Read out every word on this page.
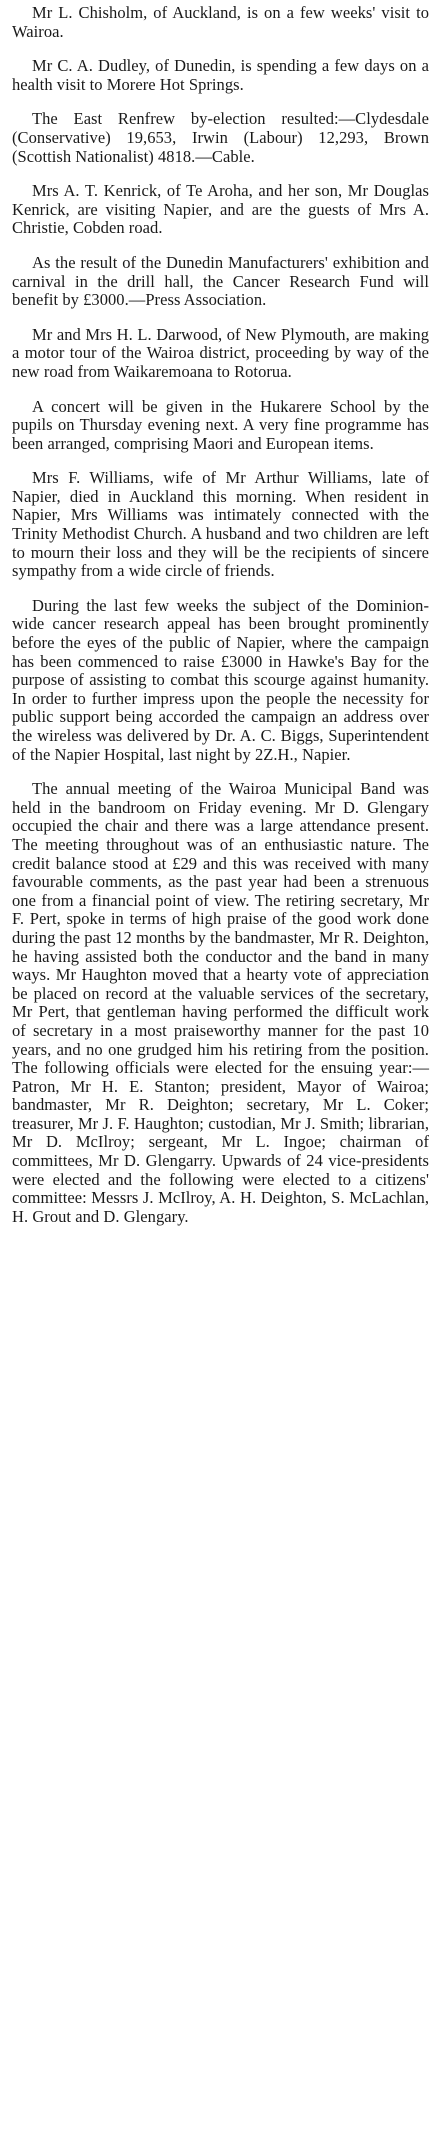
Mr L. Chisholm, of Auckland, is on a few weeks' visit to Wairoa.

Mr C. A. Dudley, of Dunedin, is spending a few days on a health visit to Morere Hot Springs.

The East Renfrew by-election resulted:—Clydesdale (Conservative) 19,653, Irwin (Labour) 12,293, Brown (Scottish Nationalist) 4818.—Cable.

Mrs A. T. Kenrick, of Te Aroha, and her son, Mr Douglas Kenrick, are visiting Napier, and are the guests of Mrs A. Christie, Cobden road.

As the result of the Dunedin Manufacturers' exhibition and carnival in the drill hall, the Cancer Research Fund will benefit by £3000.—Press Association.

Mr and Mrs H. L. Darwood, of New Plymouth, are making a motor tour of the Wairoa district, proceeding by way of the new road from Waikaremoana to Rotorua.

A concert will be given in the Hukarere School by the pupils on Thursday evening next. A very fine programme has been arranged, comprising Maori and European items.

Mrs F. Williams, wife of Mr Arthur Williams, late of Napier, died in Auckland this morning. When resident in Napier, Mrs Williams was intimately connected with the Trinity Methodist Church. A husband and two children are left to mourn their loss and they will be the recipients of sincere sympathy from a wide circle of friends.

During the last few weeks the subject of the Dominion-wide cancer research appeal has been brought prominently before the eyes of the public of Napier, where the campaign has been commenced to raise £3000 in Hawke's Bay for the purpose of assisting to combat this scourge against humanity. In order to further impress upon the people the necessity for public support being accorded the campaign an address over the wireless was delivered by Dr. A. C. Biggs, Superintendent of the Napier Hospital, last night by 2Z.H., Napier.

The annual meeting of the Wairoa Municipal Band was held in the bandroom on Friday evening. Mr D. Glengary occupied the chair and there was a large attendance present. The meeting throughout was of an enthusiastic nature. The credit balance stood at £29 and this was received with many favourable comments, as the past year had been a strenuous one from a financial point of view. The retiring secretary, Mr F. Pert, spoke in terms of high praise of the good work done during the past 12 months by the bandmaster, Mr R. Deighton, he having assisted both the conductor and the band in many ways. Mr Haughton moved that a hearty vote of appreciation be placed on record at the valuable services of the secretary, Mr Pert, that gentleman having performed the difficult work of secretary in a most praiseworthy manner for the past 10 years, and no one grudged him his retiring from the position. The following officials were elected for the ensuing year:—Patron, Mr H. E. Stanton; president, Mayor of Wairoa; bandmaster, Mr R. Deighton; secretary, Mr L. Coker; treasurer, Mr J. F. Haughton; custodian, Mr J. Smith; librarian, Mr D. McIlroy; sergeant, Mr L. Ingoe; chairman of committees, Mr D. Glengarry. Upwards of 24 vice-presidents were elected and the following were elected to a citizens' committee: Messrs J. McIlroy, A. H. Deighton, S. McLachlan, H. Grout and D. Glengary.
